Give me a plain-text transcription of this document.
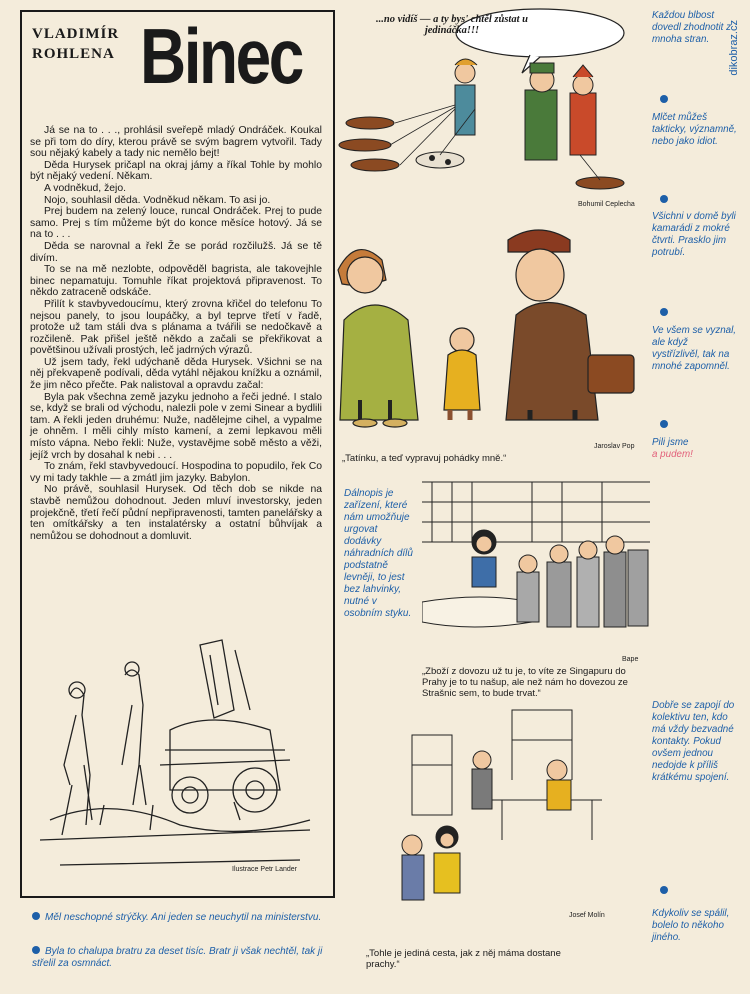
VLADIMÍR
ROHLENA Binec

Já se na to . . ., prohlásil sveřepě mladý Ondráček. Koukal se při tom do díry, kterou právě se svým bagrem vytvořil. Tady sou nějaký kabely a tady nic nemělo bejt!

Děda Hurysek pričapl na okraj jámy a říkal Tohle by mohlo být nějaký vedení. Někam.

A vodněkud, žejo.

Nojo, souhlasil děda. Vodněkud někam. To asi jo.

Prej budem na zelený louce, runcal Ondráček. Prej to pude samo. Prej s tím můžeme být do konce měsíce hotový. Já se na to . . .

Děda se narovnal a řekl Že se porád rozčilužš. Já se tě divím.

To se na mě nezlobte, odpověděl bagrista, ale takovejhle binec nepamatuju. Tomuhle říkat projektová připravenost. To někdo zatraceně odskáče.

Přilít k stavbyvedoucímu, který zrovna křičel do telefonu To nejsou panely, to jsou loupáčky, a byl teprve třetí v řadě, protože už tam stáli dva s plánama a tvářili se nedočkavě a rozčileně. Pak přišel ještě někdo a začali se překřikovat a povětšinou užívali prostých, leč jadrných výrazů.

Už jsem tady, řekl udýchaně děda Hurysek. Všichni se na něj překvapeně podívali, děda vytáhl nějakou knížku a oznámil, že jim něco přečte. Pak nalistoval a opravdu začal:

Byla pak všechna země jazyku jednoho a řeči jedné. I stalo se, když se brali od východu, nalezli pole v zemi Sinear a bydlili tam. A řekli jeden druhému: Nuže, nadělejme cihel, a vypalme je ohněm. I měli cihly místo kamení, a zemi lepkavou měli místo vápna. Nebo řekli: Nuže, vystavějme sobě město a věži, jejíž vrch by dosahal k nebi . . .

To znám, řekl stavbyvedoucí. Hospodina to popudilo, řek Co vy mi tady takhle — a zmátl jim jazyky. Babylon.

No právě, souhlasil Hurysek. Od těch dob se nikde na stavbě nemůžou dohodnout. Jeden mluví investorsky, jeden projekčně, třetí řečí půdní nepřipravenosti, tamten panelářsky a ten omítkářsky a ten instalatérsky a ostatní bůhvíjak a nemůžou se dohodnout a domluvit.

Ilustrace Petr Lander
Měl neschopné strýčky. Ani jeden se neuchytil na ministerstvu.
Byla to chalupa bratru za deset tisíc. Bratr ji však nechtěl, tak ji střelil za osmnáct.
...no vidíš — a ty bys' chtěl zůstat u jedináčka!!!
Bohumil Ceplecha
„Tatínku, a teď vypravuj pohádky mně.“
Jaroslav Pop
Dálnopis je zařízení, které nám umožňuje urgovat dodávky náhradních dílů podstatně levněji, to jest bez lahvinky, nutné v osobním styku.
Bape
„Zboží z dovozu už tu je, to víte ze Singapuru do Prahy je to tu našup, ale než nám ho dovezou ze Strašnic sem, to bude trvat.“
Josef Molín
„Tohle je jediná cesta, jak z něj máma dostane prachy.“
Každou blbost dovedl zhodnotit z mnoha stran.
Mlčet můžeš takticky, významně, nebo jako idiot.
Všichni v domě byli kamarádi z mokré čtvrti. Prasklo jim potrubí.
Ve všem se vyznal, ale když vystřízlivěl, tak na mnohé zapomněl.
Pili jsme
a pudem!
Dobře se zapojí do kolektivu ten, kdo má vždy bezvadné kontakty. Pokud ovšem jednou nedojde k příliš krátkému spojení.
Kdykoliv se spálil, bolelo to někoho jiného.
dikobraz.cz
